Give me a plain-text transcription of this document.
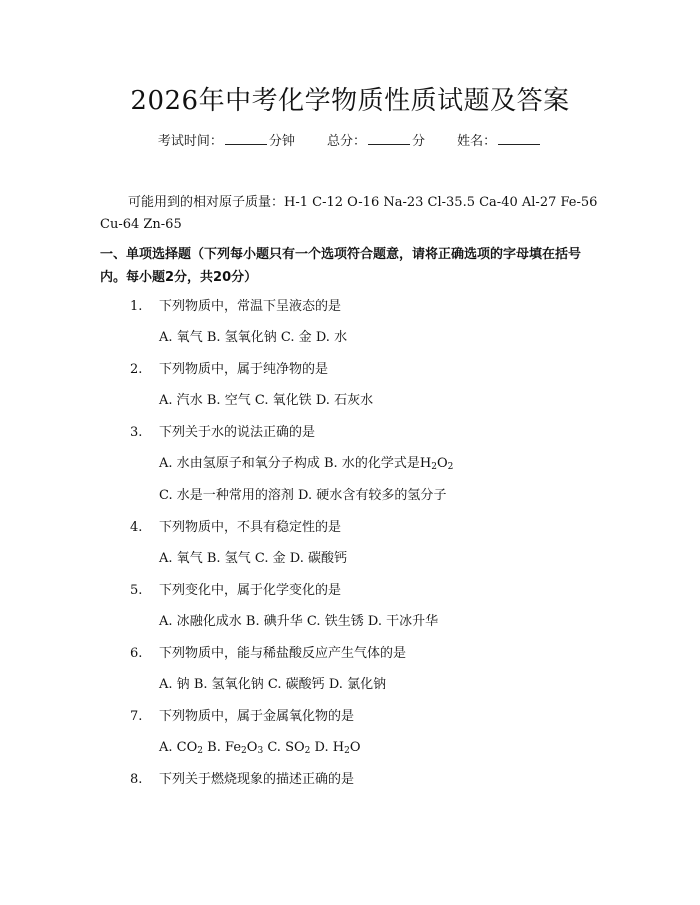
2026年中考化学物质性质试题及答案
考试时间：	分钟 总分：	分 姓名：
可能用到的相对原子质量：H-1 C-12 O-16 Na-23 Cl-35.5 Ca-40 Al-27 Fe-56 Cu-64 Zn-65
一、单项选择题（下列每小题只有一个选项符合题意，请将正确选项的字母填在括号内。每小题2分，共20分）
1. 下列物质中，常温下呈液态的是
A. 氧气 B. 氢氧化钠 C. 金 D. 水
2. 下列物质中，属于纯净物的是
A. 汽水 B. 空气 C. 氧化铁 D. 石灰水
3. 下列关于水的说法正确的是
A. 水由氢原子和氧分子构成 B. 水的化学式是$H_2O_2$
C. 水是一种常用的溶剂 D. 硬水含有较多的氢分子
4. 下列物质中，不具有稳定性的是
A. 氧气 B. 氢气 C. 金 D. 碳酸钙
5. 下列变化中，属于化学变化的是
A. 冰融化成水 B. 碘升华 C. 铁生锈 D. 干冰升华
6. 下列物质中，能与稀盐酸反应产生气体的是
A. 钠 B. 氢氧化钠 C. 碳酸钙 D. 氯化钠
7. 下列物质中，属于金属氧化物的是
A. $CO_2$ B. $Fe_2O_3$ C. $SO_2$ D. $H_2O$
8. 下列关于燃烧现象的描述正确的是
